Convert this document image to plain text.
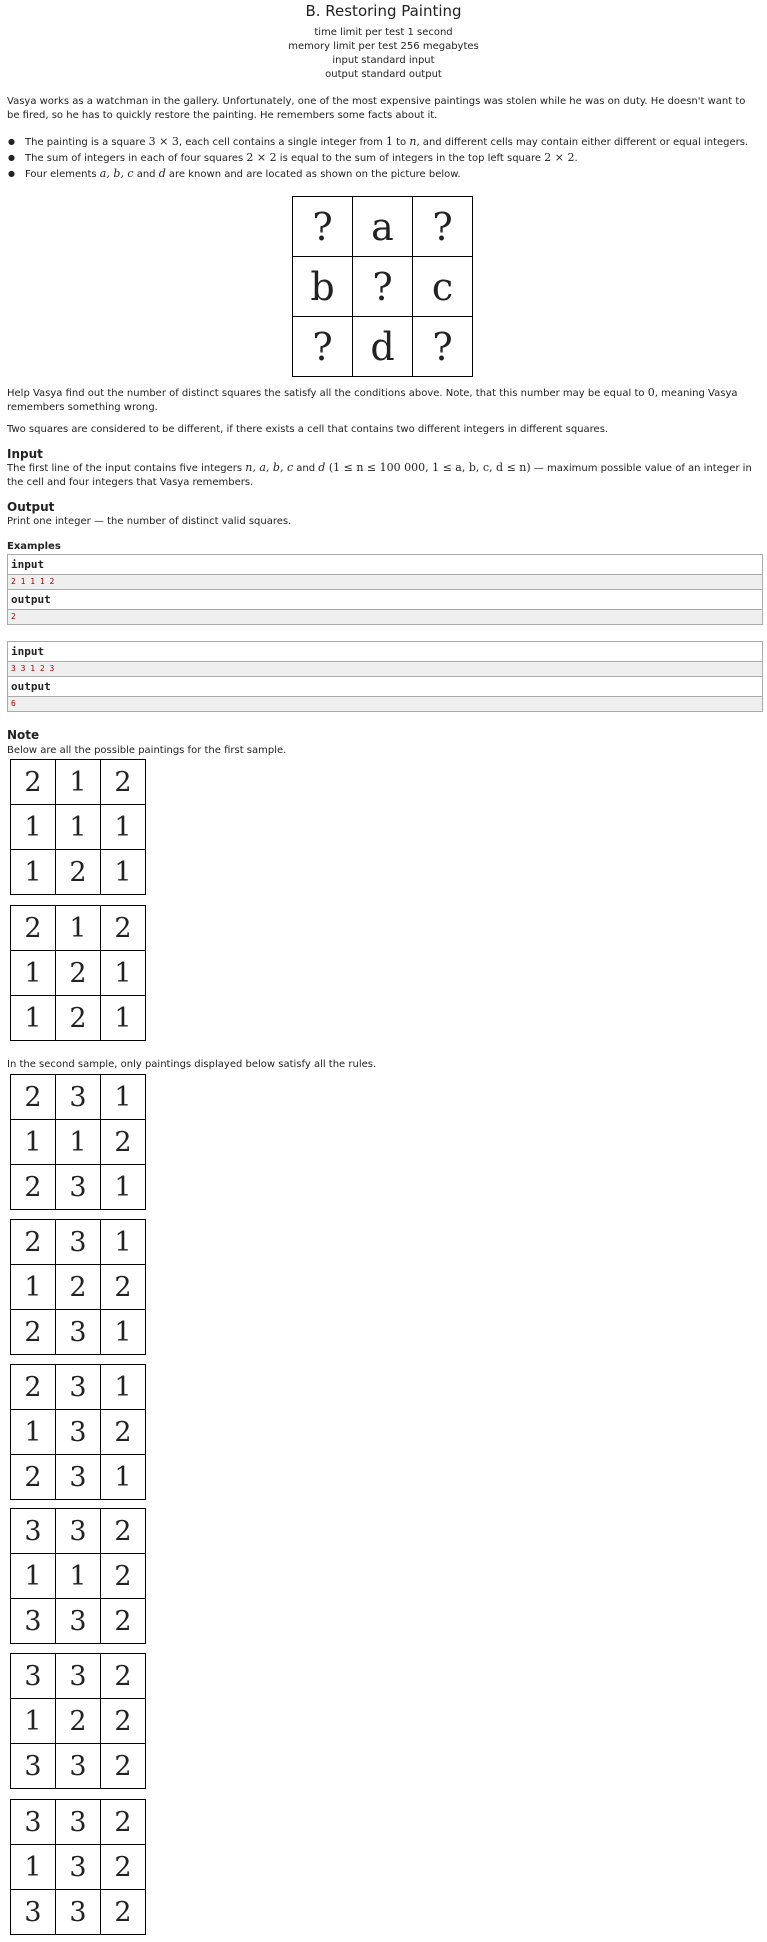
B. Restoring Painting
time limit per test 1 second
memory limit per test 256 megabytes
input standard input
output standard output
Vasya works as a watchman in the gallery. Unfortunately, one of the most expensive paintings was stolen while he was on duty. He doesn't want to be fired, so he has to quickly restore the painting. He remembers some facts about it.
● The painting is a square 3 × 3, each cell contains a single integer from 1 to n, and different cells may contain either different or equal integers.
● The sum of integers in each of four squares 2 × 2 is equal to the sum of integers in the top left square 2 × 2.
● Four elements a, b, c and d are known and are located as shown on the picture below.
?	a	?
b	?	c
?	d	?
Help Vasya find out the number of distinct squares the satisfy all the conditions above. Note, that this number may be equal to 0, meaning Vasya remembers something wrong.
Two squares are considered to be different, if there exists a cell that contains two different integers in different squares.
Input
The first line of the input contains five integers n, a, b, c and d (1 ≤ n ≤ 100 000, 1 ≤ a, b, c, d ≤ n) — maximum possible value of an integer in the cell and four integers that Vasya remembers.
Output
Print one integer — the number of distinct valid squares.
Examples
input
2 1 1 1 2
output
2
input
3 3 1 2 3
output
6
Note
Below are all the possible paintings for the first sample.
2	1	2
1	1	1
1	2	1
2	1	2
1	2	1
1	2	1
In the second sample, only paintings displayed below satisfy all the rules.
2	3	1
1	1	2
2	3	1
2	3	1
1	2	2
2	3	1
2	3	1
1	3	2
2	3	1
3	3	2
1	1	2
3	3	2
3	3	2
1	2	2
3	3	2
3	3	2
1	3	2
3	3	2
